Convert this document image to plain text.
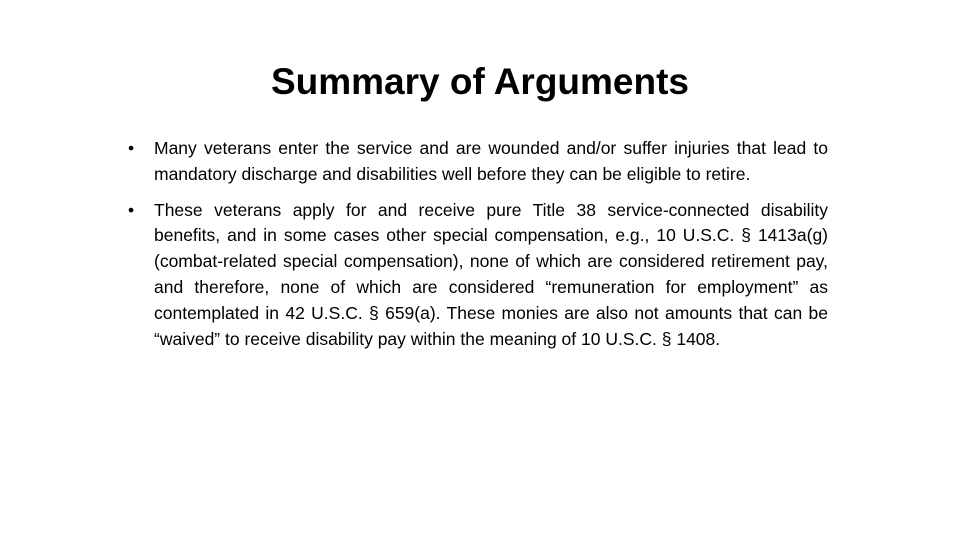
Summary of Arguments
•	Many veterans enter the service and are wounded and/or suffer injuries that lead to mandatory discharge and disabilities well before they can be eligible to retire.
•	These veterans apply for and receive pure Title 38 service-connected disability benefits, and in some cases other special compensation, e.g., 10 U.S.C. § 1413a(g) (combat-related special compensation), none of which are considered retirement pay, and therefore, none of which are considered “remuneration for employment” as contemplated in 42 U.S.C. § 659(a). These monies are also not amounts that can be “waived” to receive disability pay within the meaning of 10 U.S.C. § 1408.
